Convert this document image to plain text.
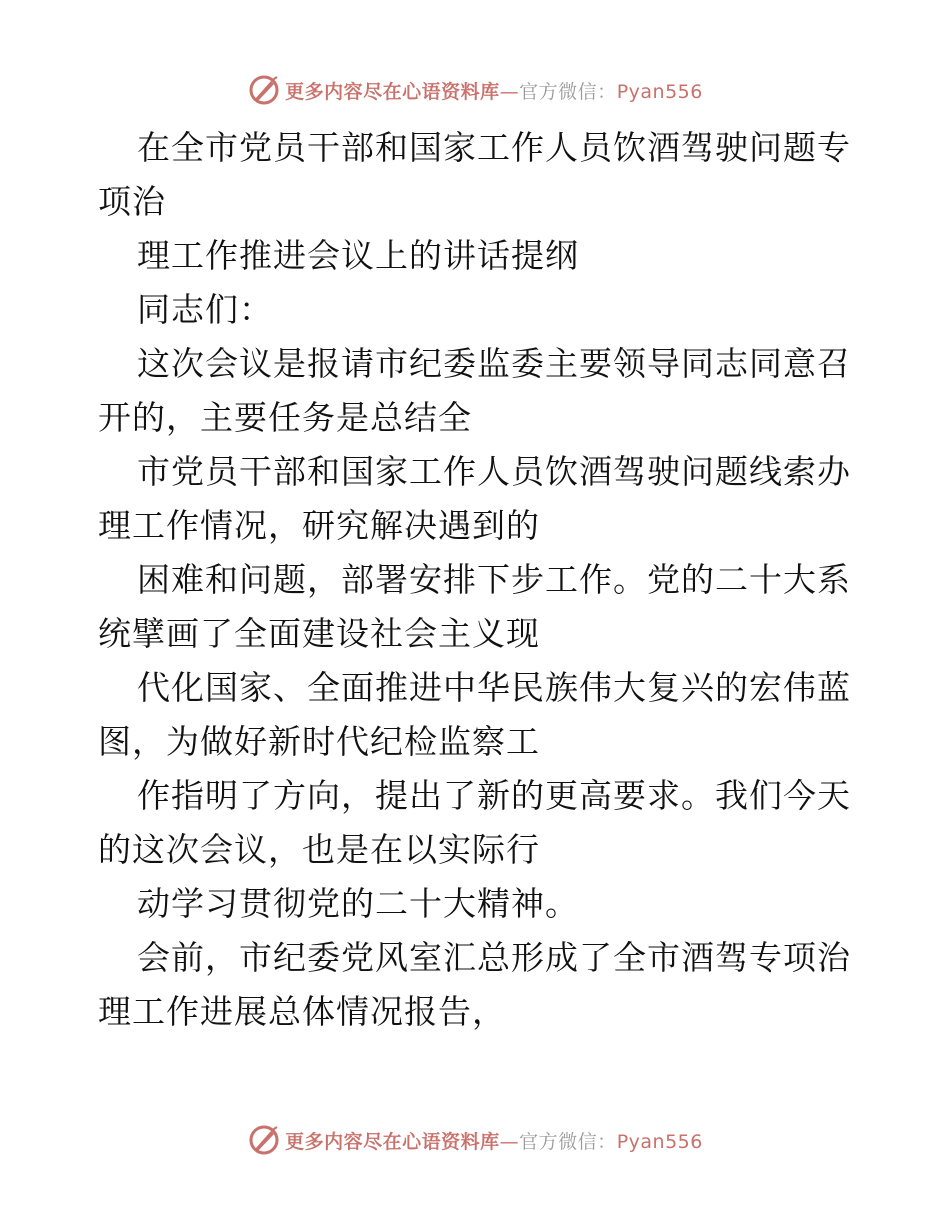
更多内容尽在心语资料库—官方微信：Pyan556
在全市党员干部和国家工作人员饮酒驾驶问题专
项治
理工作推进会议上的讲话提纲
同志们：
这次会议是报请市纪委监委主要领导同志同意召
开的，主要任务是总结全
市党员干部和国家工作人员饮酒驾驶问题线索办
理工作情况，研究解决遇到的
困难和问题，部署安排下步工作。党的二十大系
统擘画了全面建设社会主义现
代化国家、全面推进中华民族伟大复兴的宏伟蓝
图，为做好新时代纪检监察工
作指明了方向，提出了新的更高要求。我们今天
的这次会议，也是在以实际行
动学习贯彻党的二十大精神。
会前，市纪委党风室汇总形成了全市酒驾专项治
理工作进展总体情况报告，
更多内容尽在心语资料库—官方微信：Pyan556
